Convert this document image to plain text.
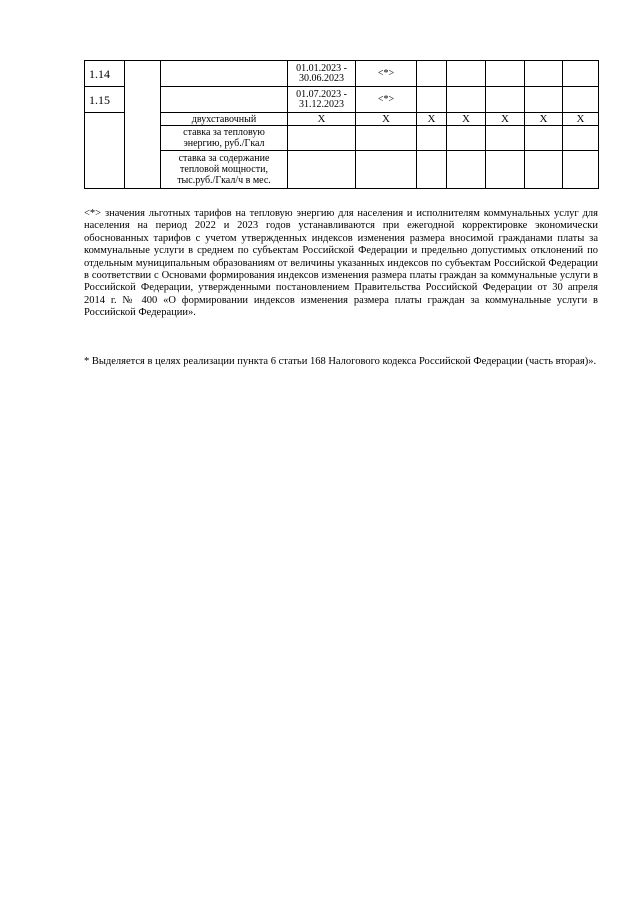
1.14			01.01.2023 -
30.06.2023	<*>					
1.15			01.07.2023 -
31.12.2023	<*>					
		двухставочный	X	X	X	X	X	X	X
		ставка за тепловую
энергию, руб./Гкал							
		ставка за содержание
тепловой мощности,
тыс.руб./Гкал/ч в мес.							

<*> значения льготных тарифов на тепловую энергию для населения и исполнителям коммунальных услуг для населения на период 2022 и 2023 годов устанавливаются при ежегодной корректировке экономически обоснованных тарифов с учетом утвержденных индексов изменения размера вносимой гражданами платы за коммунальные услуги в среднем по субъектам Российской Федерации и предельно допустимых отклонений по отдельным муниципальным образованиям от величины указанных индексов по субъектам Российской Федерации в соответствии с Основами формирования индексов изменения размера платы граждан за коммунальные услуги в Российской Федерации, утвержденными постановлением Правительства Российской Федерации от 30 апреля 2014 г. № 400 «О формировании индексов изменения размера платы граждан за коммунальные услуги в Российской Федерации».

* Выделяется в целях реализации пункта 6 статьи 168 Налогового кодекса Российской Федерации (часть вторая)».
